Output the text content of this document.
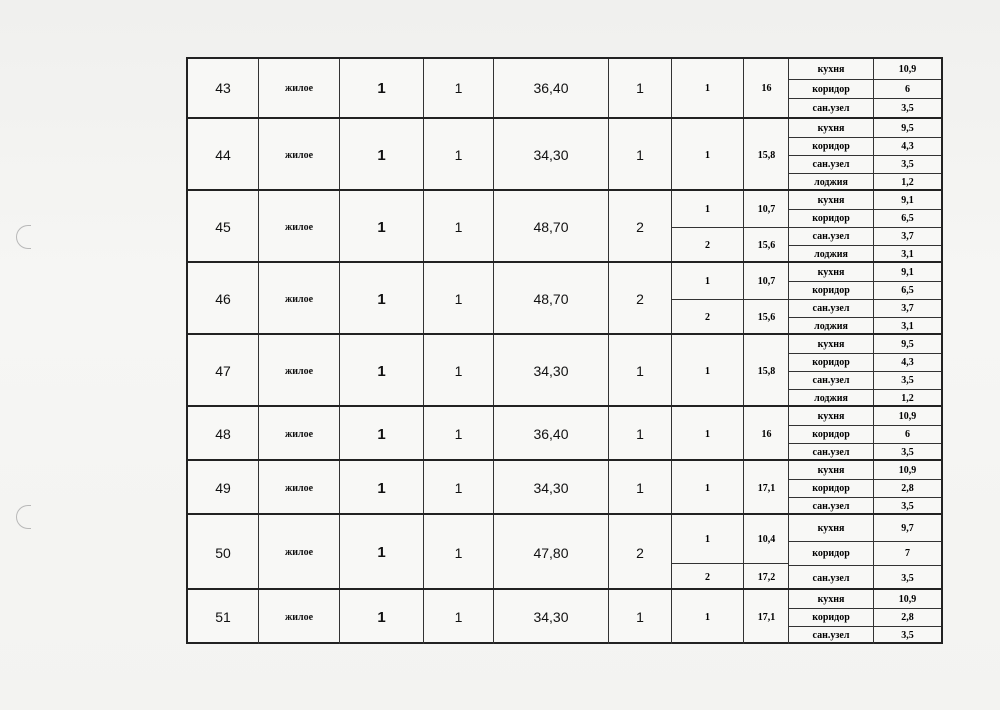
43	жилое	1	1	36,40	1	1	16
кухня	10,9
коридор	6
сан.узел	3,5
44	жилое	1	1	34,30	1	1	15,8
кухня	9,5
коридор	4,3
сан.узел	3,5
лоджия	1,2
45	жилое	1	1	48,70	2
1	10,7
2	15,6
кухня	9,1
коридор	6,5
сан.узел	3,7
лоджия	3,1
46	жилое	1	1	48,70	2
1	10,7
2	15,6
кухня	9,1
коридор	6,5
сан.узел	3,7
лоджия	3,1
47	жилое	1	1	34,30	1	1	15,8
кухня	9,5
коридор	4,3
сан.узел	3,5
лоджия	1,2
48	жилое	1	1	36,40	1	1	16
кухня	10,9
коридор	6
сан.узел	3,5
49	жилое	1	1	34,30	1	1	17,1
кухня	10,9
коридор	2,8
сан.узел	3,5
50	жилое	1	1	47,80	2
1	10,4
2	17,2
кухня	9,7
коридор	7
сан.узел	3,5
51	жилое	1	1	34,30	1	1	17,1
кухня	10,9
коридор	2,8
сан.узел	3,5
